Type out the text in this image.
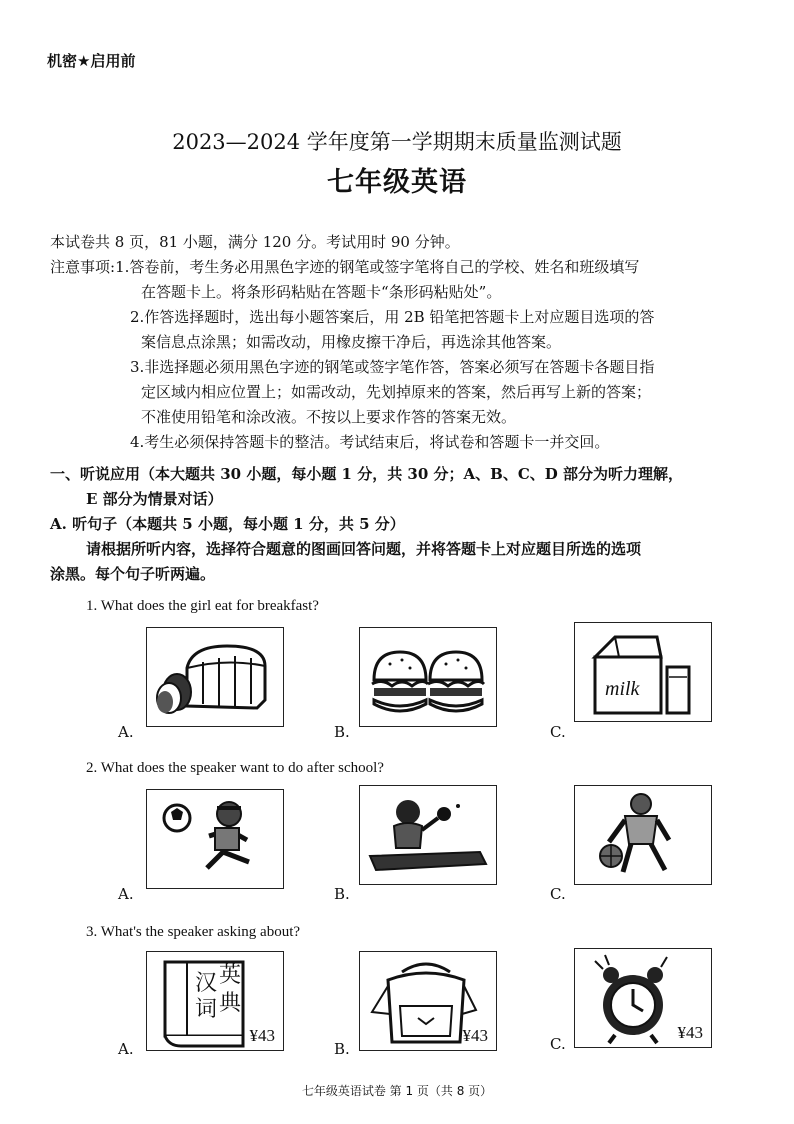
机密★启用前
2023—2024 学年度第一学期期末质量监测试题
七年级英语
本试卷共 8 页，81 小题，满分 120 分。考试用时 90 分钟。
注意事项:1.答卷前，考生务必用黑色字迹的钢笔或签字笔将自己的学校、姓名和班级填写
在答题卡上。将条形码粘贴在答题卡“条形码粘贴处”。
2.作答选择题时，选出每小题答案后，用 2B 铅笔把答题卡上对应题目选项的答
案信息点涂黑；如需改动，用橡皮擦干净后，再选涂其他答案。
3.非选择题必须用黑色字迹的钢笔或签字笔作答，答案必须写在答题卡各题目指
定区域内相应位置上；如需改动，先划掉原来的答案，然后再写上新的答案；
不准使用铅笔和涂改液。不按以上要求作答的答案无效。
4.考生必须保持答题卡的整洁。考试结束后，将试卷和答题卡一并交回。
一、听说应用（本大题共 30 小题，每小题 1 分，共 30 分；A、B、C、D 部分为听力理解，
E 部分为情景对话）
A. 听句子（本题共 5 小题，每小题 1 分，共 5 分）
请根据所听内容，选择符合题意的图画回答问题，并将答题卡上对应题目所选的选项
涂黑。每个句子听两遍。
1. What does the girl eat for breakfast?
A.	B.	C.
milk
2. What does the speaker want to do after school?
A.	B.	C.
3. What's the speaker asking about?
A.
汉 英
词 典
¥43
B.
¥43	C.
¥43
七年级英语试卷 第 1 页（共 8 页）
